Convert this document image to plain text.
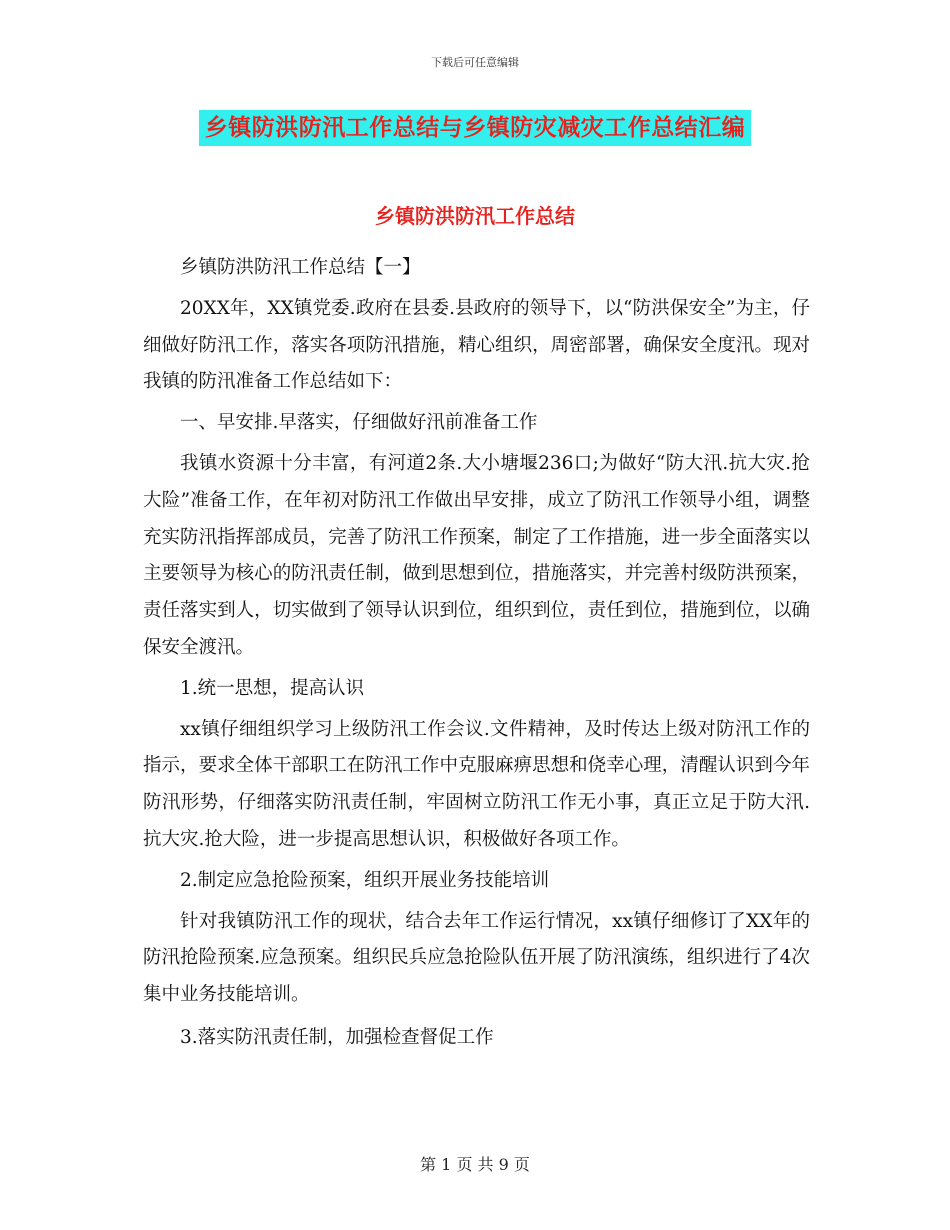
下载后可任意编辑
乡镇防洪防汛工作总结与乡镇防灾减灾工作总结汇编
乡镇防洪防汛工作总结

乡镇防洪防汛工作总结【一】

20XX年，XX镇党委.政府在县委.县政府的领导下，以“防洪保安全”为主，仔细做好防汛工作，落实各项防汛措施，精心组织，周密部署，确保安全度汛。现对我镇的防汛准备工作总结如下：

一、早安排.早落实，仔细做好汛前准备工作

我镇水资源十分丰富，有河道2条.大小塘堰236口;为做好“防大汛.抗大灾.抢大险”准备工作，在年初对防汛工作做出早安排，成立了防汛工作领导小组，调整充实防汛指挥部成员，完善了防汛工作预案，制定了工作措施，进一步全面落实以主要领导为核心的防汛责任制，做到思想到位，措施落实，并完善村级防洪预案，责任落实到人，切实做到了领导认识到位，组织到位，责任到位，措施到位，以确保安全渡汛。

1.统一思想，提高认识

xx镇仔细组织学习上级防汛工作会议.文件精神，及时传达上级对防汛工作的指示，要求全体干部职工在防汛工作中克服麻痹思想和侥幸心理，清醒认识到今年防汛形势，仔细落实防汛责任制，牢固树立防汛工作无小事，真正立足于防大汛.抗大灾.抢大险，进一步提高思想认识，积极做好各项工作。

2.制定应急抢险预案，组织开展业务技能培训

针对我镇防汛工作的现状，结合去年工作运行情况，xx镇仔细修订了XX年的防汛抢险预案.应急预案。组织民兵应急抢险队伍开展了防汛演练，组织进行了4次集中业务技能培训。

3.落实防汛责任制，加强检查督促工作

第 1 页 共 9 页
